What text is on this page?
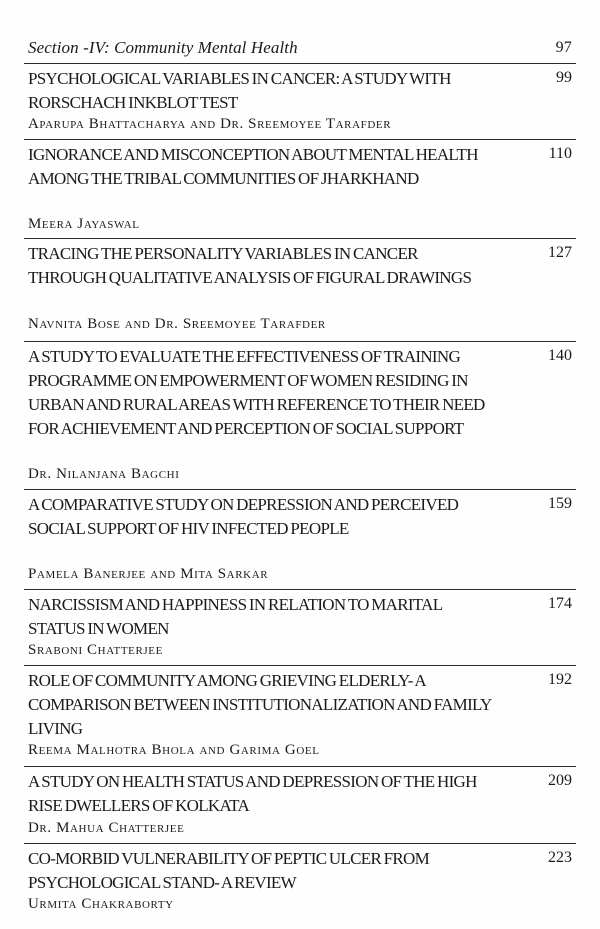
Section -IV: Community Mental Health	97
PSYCHOLOGICAL VARIABLES IN CANCER: A STUDY WITH RORSCHACH INKBLOT TEST
99
Aparupa Bhattacharya and Dr. Sreemoyee Tarafder
IGNORANCE AND MISCONCEPTION ABOUT MENTAL HEALTH AMONG THE TRIBAL COMMUNITIES OF JHARKHAND
110
Meera Jayaswal
TRACING THE PERSONALITY VARIABLES IN CANCER THROUGH QUALITATIVE ANALYSIS OF FIGURAL DRAWINGS
127
Navnita Bose and Dr. Sreemoyee Tarafder
A STUDY TO EVALUATE THE EFFECTIVENESS OF TRAINING PROGRAMME ON EMPOWERMENT OF WOMEN RESIDING IN URBAN AND RURAL AREAS WITH REFERENCE TO THEIR NEED FOR ACHIEVEMENT AND PERCEPTION OF SOCIAL SUPPORT
140
Dr. Nilanjana Bagchi
A COMPARATIVE STUDY ON DEPRESSION AND PERCEIVED SOCIAL SUPPORT OF HIV INFECTED PEOPLE
159
Pamela Banerjee and Mita Sarkar
NARCISSISM AND HAPPINESS IN RELATION TO MARITAL STATUS IN WOMEN
174
Sraboni Chatterjee
ROLE OF COMMUNITY AMONG GRIEVING ELDERLY- A COMPARISON BETWEEN INSTITUTIONALIZATION AND FAMILY LIVING
192
Reema Malhotra Bhola and Garima Goel
A STUDY ON HEALTH STATUS AND DEPRESSION OF THE HIGH RISE DWELLERS OF KOLKATA
209
Dr. Mahua Chatterjee
CO-MORBID VULNERABILITY OF PEPTIC ULCER FROM PSYCHOLOGICAL STAND- A REVIEW
223
Urmita Chakraborty
